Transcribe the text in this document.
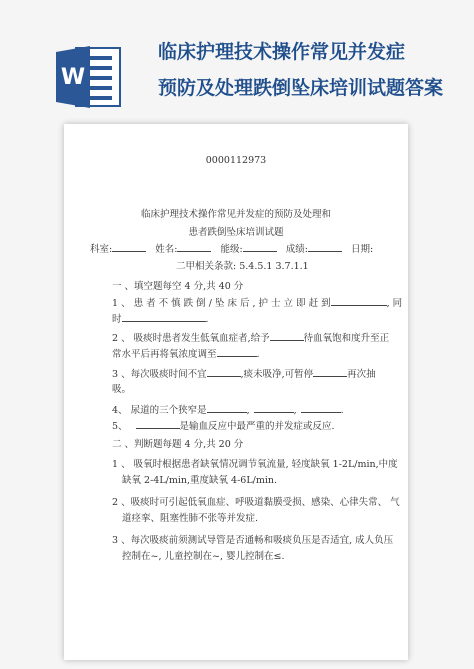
W
临床护理技术操作常见并发症
预防及处理跌倒坠床培训试题答案
0000112973
临床护理技术操作常见并发症的预防及处理和
患者跌倒坠床培训试题
科室:	姓名:	能级:	成绩:	日期:
二甲相关条款: 5.4.5.1 3.7.1.1
一 、填空题每空 4 分,共 40 分
1 、 患 者 不 慎 跌 倒 / 坠 床 后 , 护 士 立 即 赶 到	, 同
时	.
2 、 吸痰时患者发生低氧血症者,给予	待血氧饱和度升至正
常水平后再将氧浓度调至	.
3 、每次吸痰时间不宜	,痰未吸净,可暂停	再次抽
吸。
4、 尿道的三个狭窄是	,	,	.
5、	是输血反应中最严重的并发症或反应.
二 、判断题每题 4 分,共 20 分
1 、 吸氧时根据患者缺氧情况调节氧流量, 轻度缺氧 1-2L/min,中度
缺氧 2-4L/min,重度缺氧 4-6L/min.
2 、吸痰时可引起低氧血症、呼吸道黏膜受损、感染、心律失常、 气
道痉挛、阻塞性肺不张等并发症.
3 、每次吸痰前须测试导管是否通畅和吸痰负压是否适宜, 成人负压
控制在~, 儿童控制在~, 婴儿控制在≤.
